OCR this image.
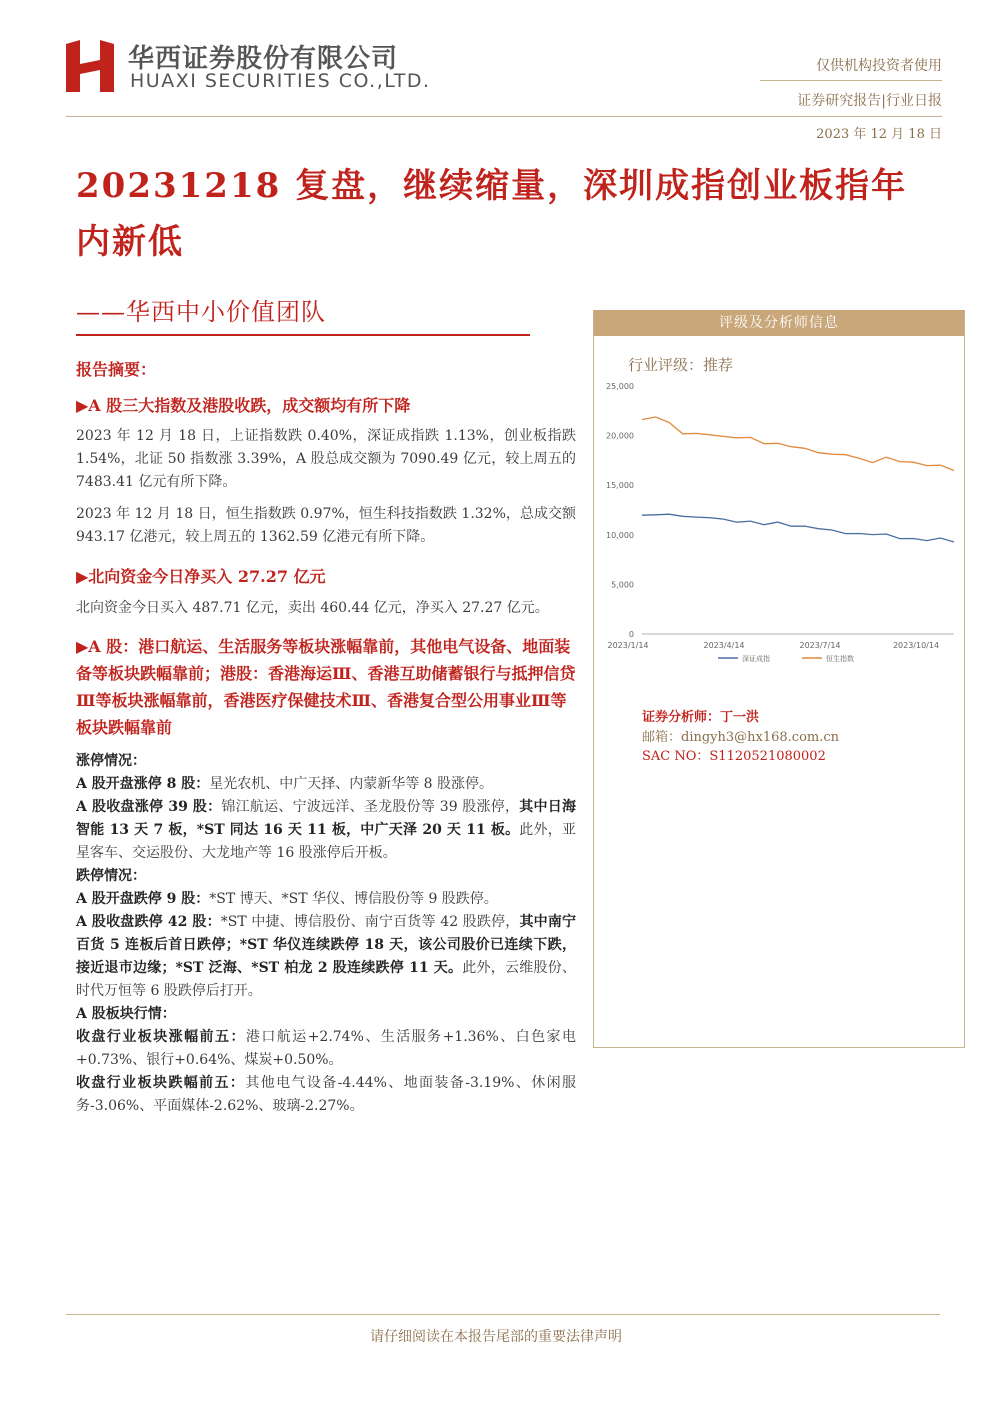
华西证券股份有限公司
HUAXI SECURITIES CO.,LTD.
仅供机构投资者使用
证券研究报告|行业日报
2023 年 12 月 18 日
20231218 复盘，继续缩量，深圳成指创业板指年内新低
——华西中小价值团队
报告摘要：
▶A 股三大指数及港股收跌，成交额均有所下降
2023 年 12 月 18 日，上证指数跌 0.40%，深证成指跌 1.13%，创业板指跌 1.54%，北证 50 指数涨 3.39%，A 股总成交额为 7090.49 亿元，较上周五的 7483.41 亿元有所下降。
2023 年 12 月 18 日，恒生指数跌 0.97%，恒生科技指数跌 1.32%，总成交额 943.17 亿港元，较上周五的 1362.59 亿港元有所下降。
▶北向资金今日净买入 27.27 亿元
北向资金今日买入 487.71 亿元，卖出 460.44 亿元，净买入 27.27 亿元。
▶A 股：港口航运、生活服务等板块涨幅靠前，其他电气设备、地面装备等板块跌幅靠前；港股：香港海运Ⅲ、香港互助储蓄银行与抵押信贷Ⅲ等板块涨幅靠前，香港医疗保健技术Ⅲ、香港复合型公用事业Ⅲ等板块跌幅靠前
涨停情况：
A 股开盘涨停 8 股：星光农机、中广天择、内蒙新华等 8 股涨停。
A 股收盘涨停 39 股：锦江航运、宁波远洋、圣龙股份等 39 股涨停，其中日海智能 13 天 7 板，*ST 同达 16 天 11 板，中广天泽 20 天 11 板。此外，亚星客车、交运股份、大龙地产等 16 股涨停后开板。
跌停情况：
A 股开盘跌停 9 股：*ST 博天、*ST 华仪、博信股份等 9 股跌停。
A 股收盘跌停 42 股：*ST 中捷、博信股份、南宁百货等 42 股跌停，其中南宁百货 5 连板后首日跌停；*ST 华仪连续跌停 18 天，该公司股价已连续下跌，接近退市边缘；*ST 泛海、*ST 柏龙 2 股连续跌停 11 天。此外，云维股份、时代万恒等 6 股跌停后打开。
A 股板块行情：
收盘行业板块涨幅前五：港口航运+2.74%、生活服务+1.36%、白色家电+0.73%、银行+0.64%、煤炭+0.50%。
收盘行业板块跌幅前五：其他电气设备-4.44%、地面装备-3.19%、休闲服务-3.06%、平面媒体-2.62%、玻璃-2.27%。
评级及分析师信息
行业评级：推荐
25,000
20,000
15,000
10,000
5,000
0
2023/1/14	2023/4/14	2023/7/14	2023/10/14
深证成指	恒生指数
证券分析师：丁一洪
邮箱：dingyh3@hx168.com.cn
SAC NO：S1120521080002
请仔细阅读在本报告尾部的重要法律声明
